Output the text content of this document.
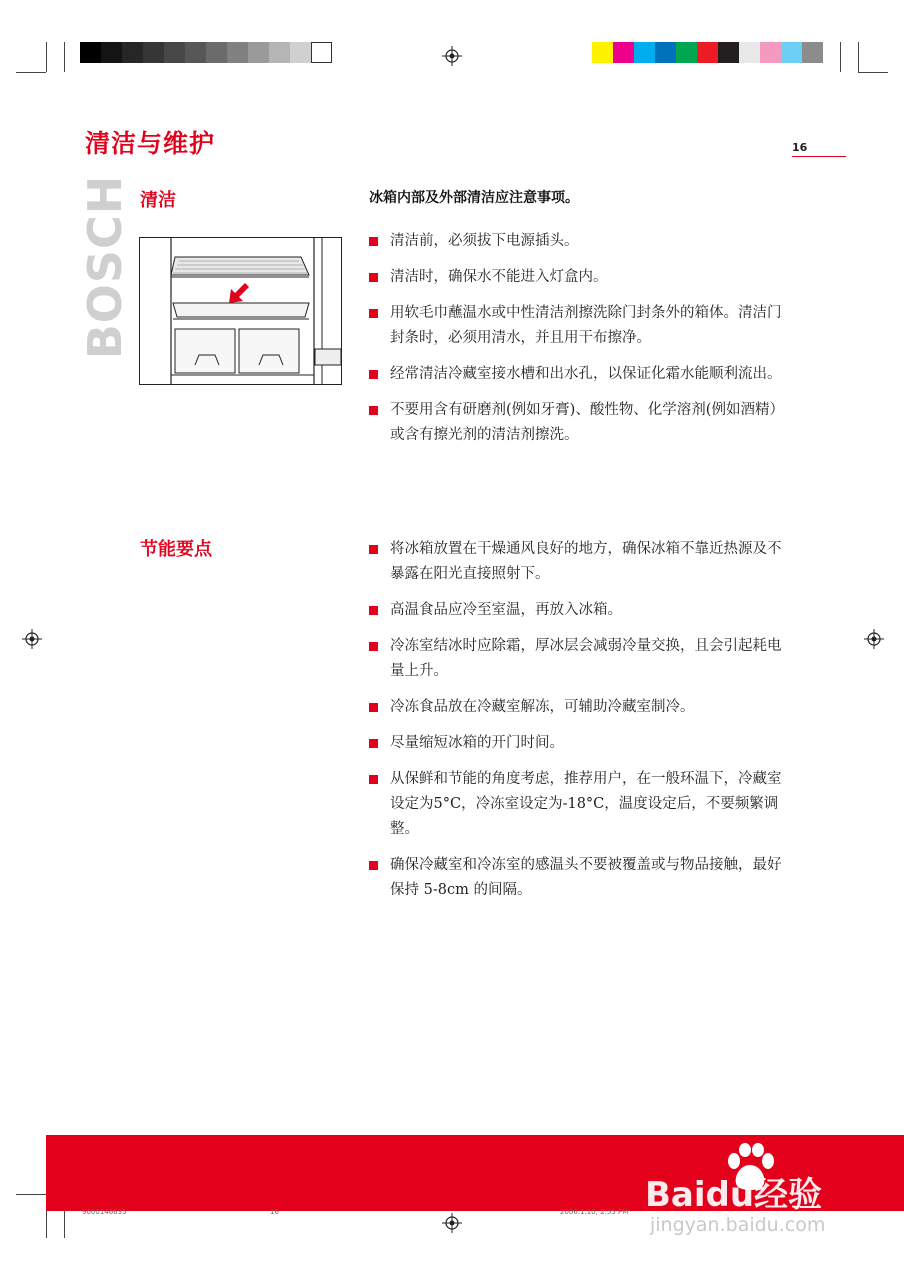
清洁与维护	16
BOSCH 清洁	冰箱内部及外部清洁应注意事项。
清洁前，必须拔下电源插头。
清洁时，确保水不能进入灯盒内。
用软毛巾蘸温水或中性清洁剂擦洗除门封条外的箱体。清洁门封条时，必须用清水，并且用干布擦净。
经常清洁冷藏室接水槽和出水孔，以保证化霜水能顺利流出。
不要用含有研磨剂(例如牙膏)、酸性物、化学溶剂(例如酒精）或含有擦光剂的清洁剂擦洗。
节能要点	将冰箱放置在干燥通风良好的地方，确保冰箱不靠近热源及不暴露在阳光直接照射下。
高温食品应冷至室温，再放入冰箱。
冷冻室结冰时应除霜，厚冰层会减弱冷量交换，且会引起耗电量上升。
冷冻食品放在冷藏室解冻，可辅助冷藏室制冷。
尽量缩短冰箱的开门时间。
从保鲜和节能的角度考虑，推荐用户，在一般环温下，冷藏室设定为5°C，冷冻室设定为-18°C，温度设定后，不要频繁调整。
确保冷藏室和冷冻室的感温头不要被覆盖或与物品接触，最好保持 5-8cm 的间隔。
Baidu经验
jingyan.baidu.com
9000146635	16	2006.1.10, 2:55 PM
